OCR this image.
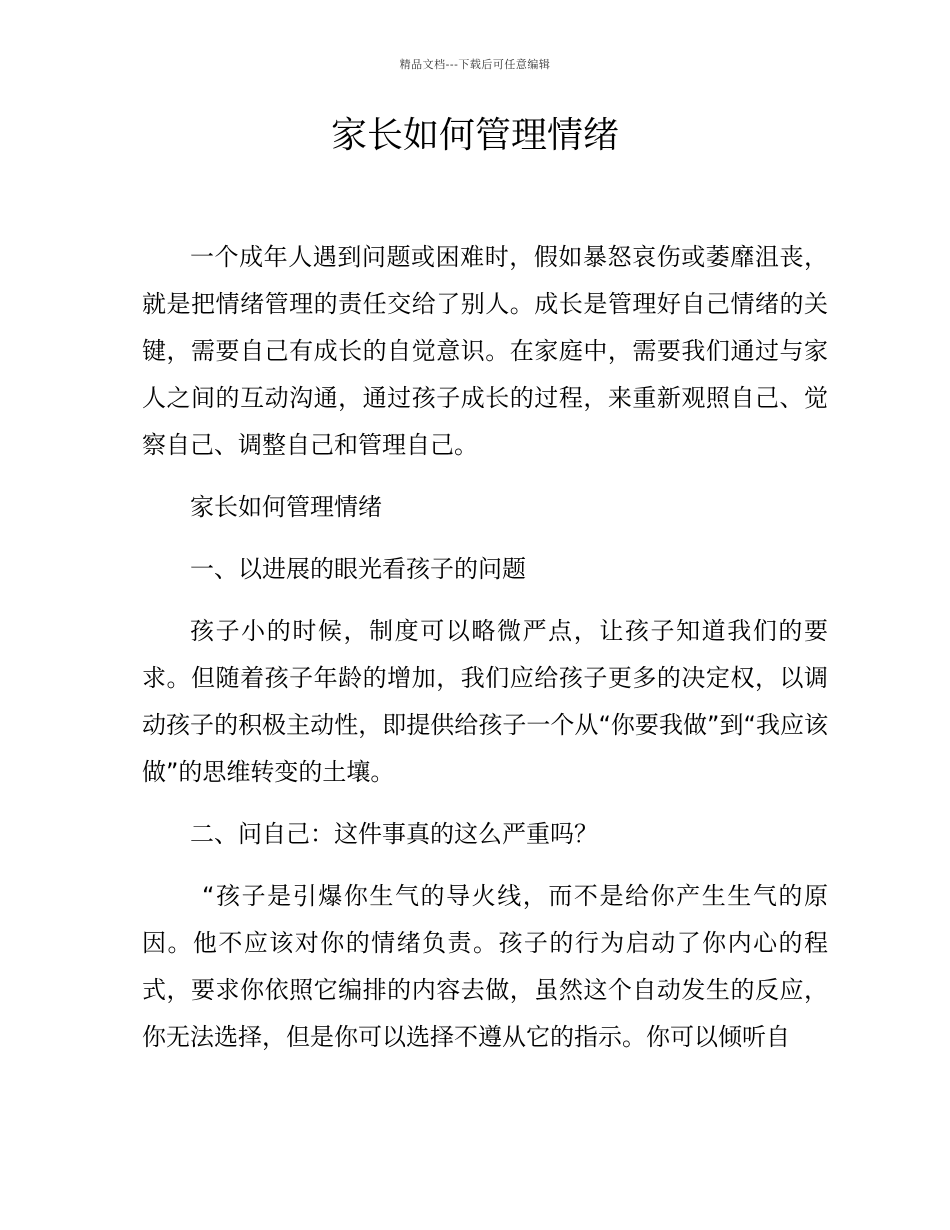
精品文档---下载后可任意编辑
家长如何管理情绪

一个成年人遇到问题或困难时，假如暴怒哀伤或萎靡沮丧，就是把情绪管理的责任交给了别人。成长是管理好自己情绪的关键，需要自己有成长的自觉意识。在家庭中，需要我们通过与家人之间的互动沟通，通过孩子成长的过程，来重新观照自己、觉察自己、调整自己和管理自己。

家长如何管理情绪

一、以进展的眼光看孩子的问题

孩子小的时候，制度可以略微严点，让孩子知道我们的要求。但随着孩子年龄的增加，我们应给孩子更多的决定权，以调动孩子的积极主动性，即提供给孩子一个从“你要我做”到“我应该做”的思维转变的土壤。

二、问自己：这件事真的这么严重吗？

“孩子是引爆你生气的导火线，而不是给你产生生气的原因。他不应该对你的情绪负责。孩子的行为启动了你内心的程式，要求你依照它编排的内容去做，虽然这个自动发生的反应，你无法选择，但是你可以选择不遵从它的指示。你可以倾听自
